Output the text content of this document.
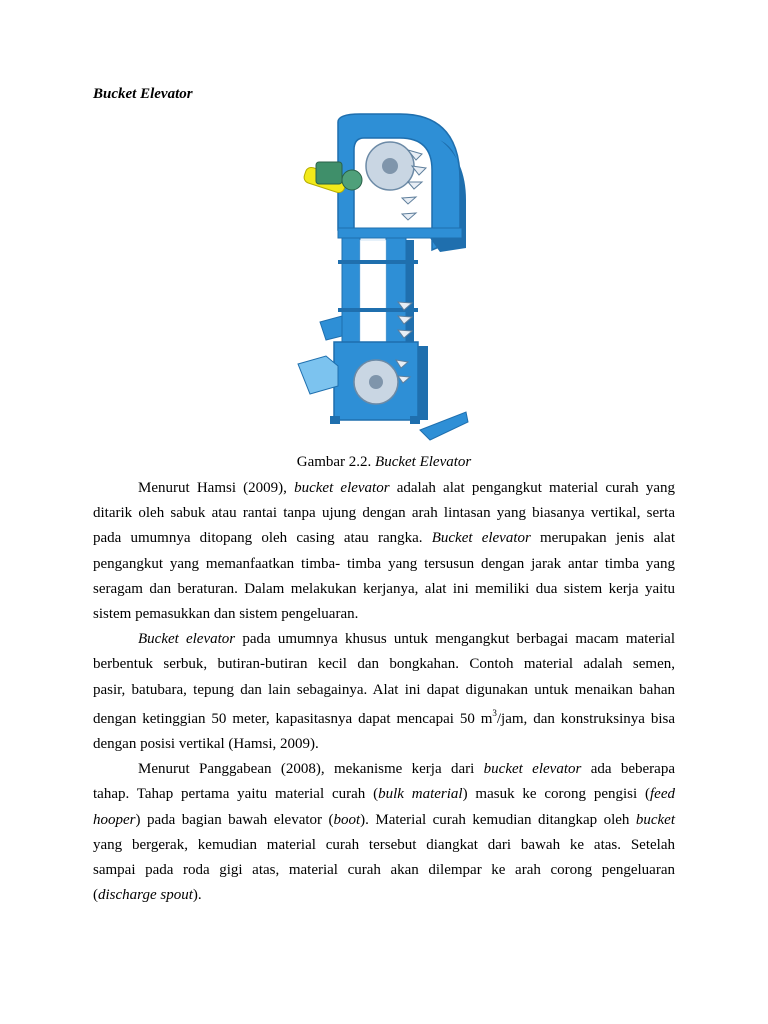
Bucket Elevator
Gambar 2.2. Bucket Elevator

Menurut Hamsi (2009), bucket elevator adalah alat pengangkut material curah yang
ditarik oleh sabuk atau rantai tanpa ujung dengan arah lintasan yang biasanya vertikal, serta
pada umumnya ditopang oleh casing atau rangka. Bucket elevator merupakan jenis alat
pengangkut yang memanfaatkan timba- timba yang tersusun dengan jarak antar timba yang
seragam dan beraturan. Dalam melakukan kerjanya, alat ini memiliki dua sistem kerja yaitu
sistem pemasukkan dan sistem pengeluaran.

Bucket elevator pada umumnya khusus untuk mengangkut berbagai macam material
berbentuk serbuk, butiran-butiran kecil dan bongkahan. Contoh material adalah semen,
pasir, batubara, tepung dan lain sebagainya. Alat ini dapat digunakan untuk menaikan bahan
dengan ketinggian 50 meter, kapasitasnya dapat mencapai 50 $m^3$/jam, dan konstruksinya bisa
dengan posisi vertikal (Hamsi, 2009).

Menurut Panggabean (2008), mekanisme kerja dari bucket elevator ada beberapa
tahap. Tahap pertama yaitu material curah (bulk material) masuk ke corong pengisi (feed
hooper) pada bagian bawah elevator (boot). Material curah kemudian ditangkap oleh bucket
yang bergerak, kemudian material curah tersebut diangkat dari bawah ke atas. Setelah
sampai pada roda gigi atas, material curah akan dilempar ke arah corong pengeluaran
(discharge spout).
